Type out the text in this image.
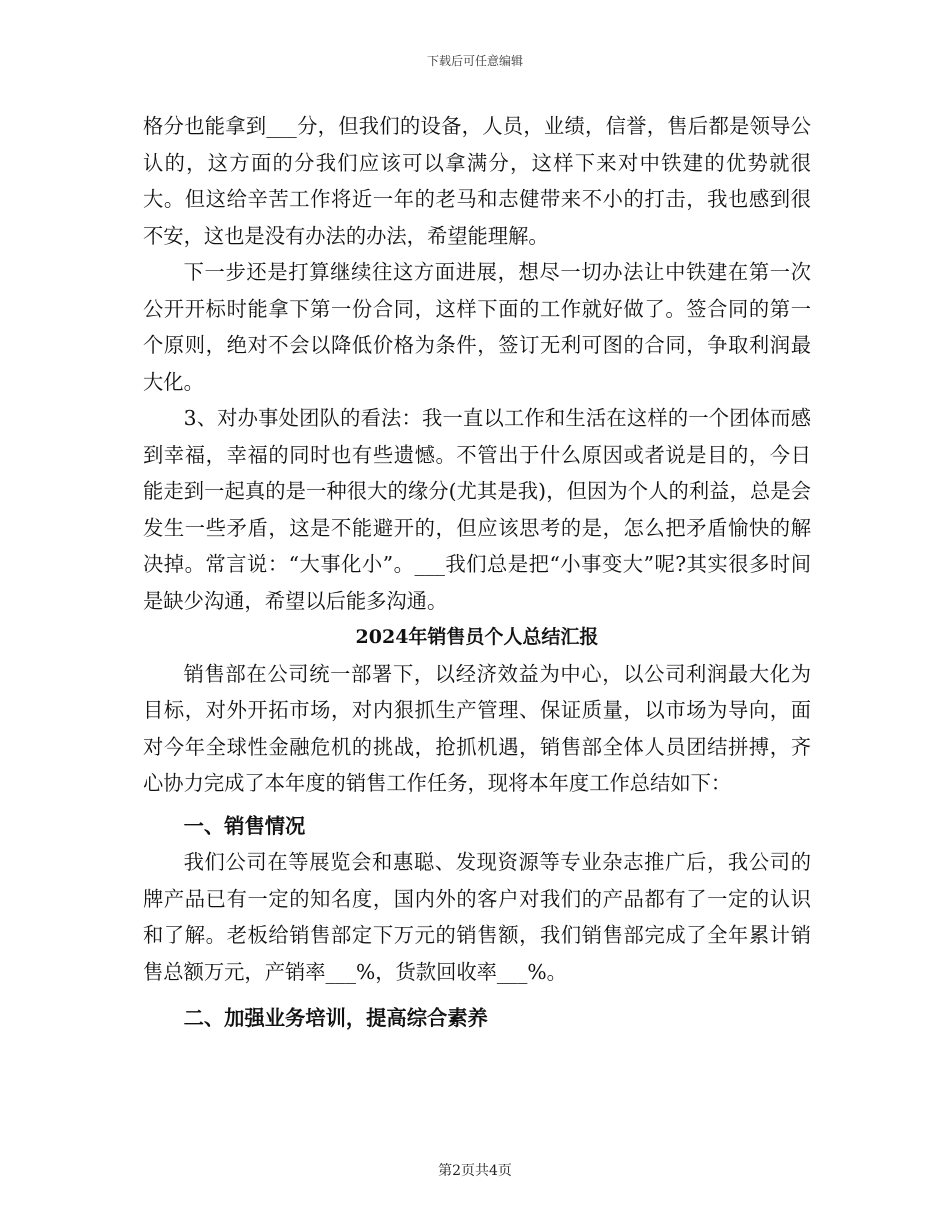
下载后可任意编辑

格分也能拿到___分，但我们的设备，人员，业绩，信誉，售后都是领导公认的，这方面的分我们应该可以拿满分，这样下来对中铁建的优势就很大。但这给辛苦工作将近一年的老马和志健带来不小的打击，我也感到很不安，这也是没有办法的办法，希望能理解。

下一步还是打算继续往这方面进展，想尽一切办法让中铁建在第一次公开开标时能拿下第一份合同，这样下面的工作就好做了。签合同的第一个原则，绝对不会以降低价格为条件，签订无利可图的合同，争取利润最大化。

3、对办事处团队的看法：我一直以工作和生活在这样的一个团体而感到幸福，幸福的同时也有些遗憾。不管出于什么原因或者说是目的，今日能走到一起真的是一种很大的缘分(尤其是我)，但因为个人的利益，总是会发生一些矛盾，这是不能避开的，但应该思考的是，怎么把矛盾愉快的解决掉。常言说：“大事化小”。___我们总是把“小事变大”呢?其实很多时间是缺少沟通，希望以后能多沟通。

2024年销售员个人总结汇报

销售部在公司统一部署下，以经济效益为中心，以公司利润最大化为目标，对外开拓市场，对内狠抓生产管理、保证质量，以市场为导向，面对今年全球性金融危机的挑战，抢抓机遇，销售部全体人员团结拼搏，齐心协力完成了本年度的销售工作任务，现将本年度工作总结如下：

一、销售情况

我们公司在等展览会和惠聪、发现资源等专业杂志推广后，我公司的牌产品已有一定的知名度，国内外的客户对我们的产品都有了一定的认识和了解。老板给销售部定下万元的销售额，我们销售部完成了全年累计销售总额万元，产销率___%，货款回收率___%。

二、加强业务培训，提高综合素养

第2页共4页
